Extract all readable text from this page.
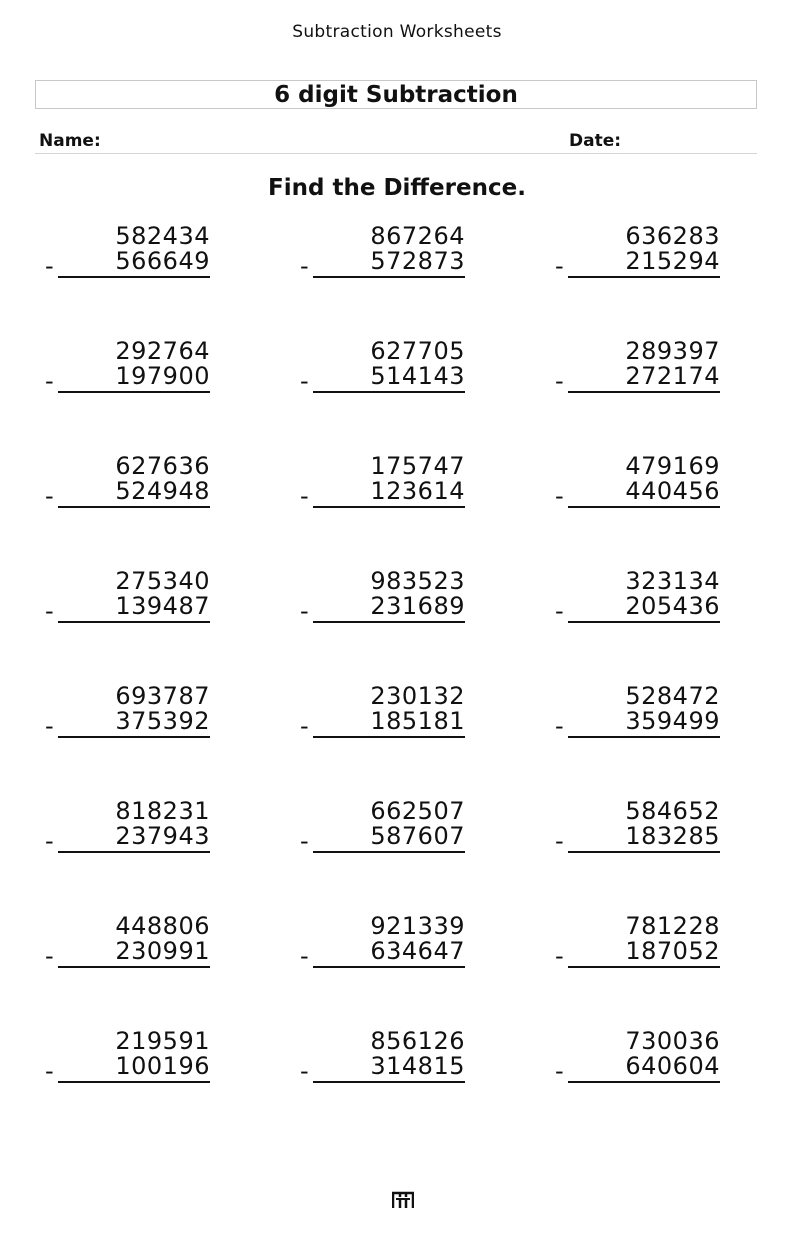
Subtraction Worksheets
6 digit Subtraction
Name:	Date:
Find the Difference.
582434
566649
-
867264
572873
-
636283
215294
-
292764
197900
-
627705
514143
-
289397
272174
-
627636
524948
-
175747
123614
-
479169
440456
-
275340
139487
-
983523
231689
-
323134
205436
-
693787
375392
-
230132
185181
-
528472
359499
-
818231
237943
-
662507
587607
-
584652
183285
-
448806
230991
-
921339
634647
-
781228
187052
-
219591
100196
-
856126
314815
-
730036
640604
-
